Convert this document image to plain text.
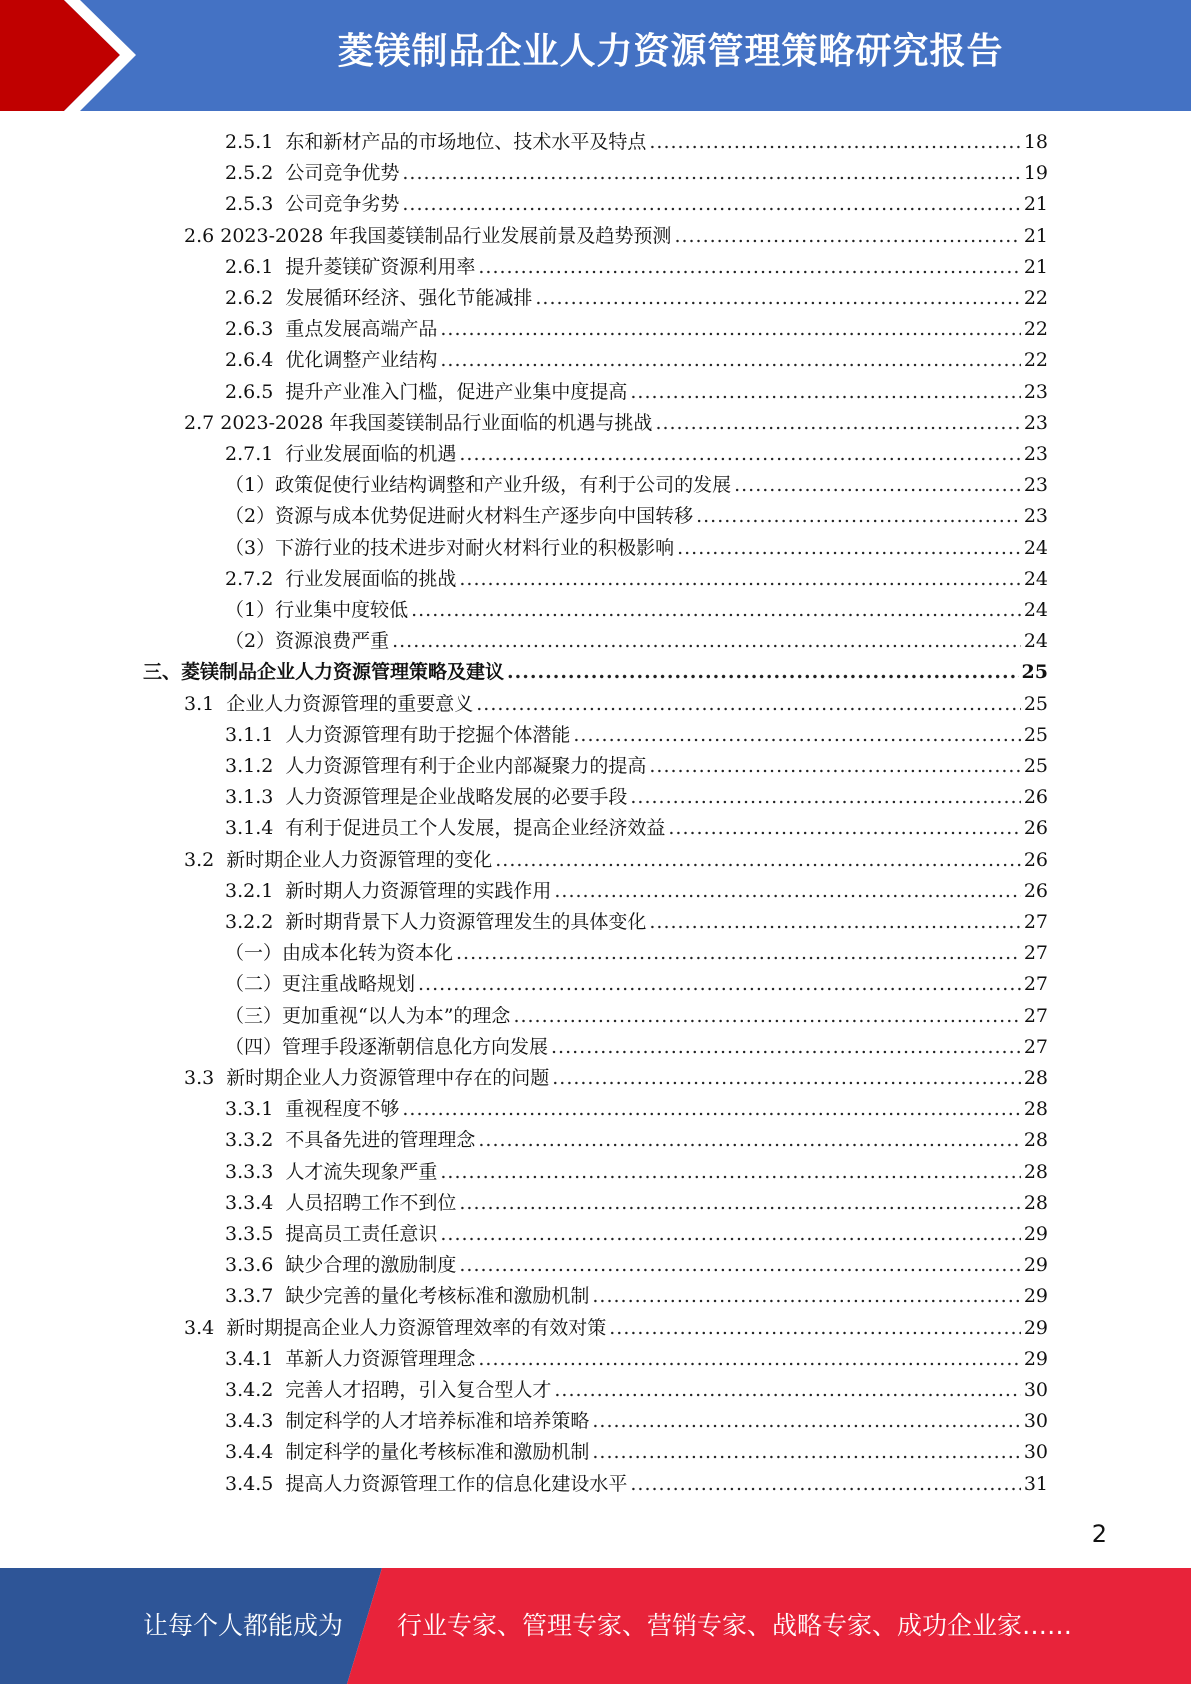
菱镁制品企业人力资源管理策略研究报告
2.5.1 东和新材产品的市场地位、技术水平及特点 .....	18
2.5.2 公司竞争优势 .....	19
2.5.3 公司竞争劣势 .....	21
2.6 2023-2028 年我国菱镁制品行业发展前景及趋势预测 .....	21
2.6.1 提升菱镁矿资源利用率 .....	21
2.6.2 发展循环经济、强化节能减排 .....	22
2.6.3 重点发展高端产品 .....	22
2.6.4 优化调整产业结构 .....	22
2.6.5 提升产业准入门槛，促进产业集中度提高 .....	23
2.7 2023-2028 年我国菱镁制品行业面临的机遇与挑战 .....	23
2.7.1 行业发展面临的机遇 .....	23
（1）政策促使行业结构调整和产业升级，有利于公司的发展 .....	23
（2）资源与成本优势促进耐火材料生产逐步向中国转移 .....	23
（3）下游行业的技术进步对耐火材料行业的积极影响 .....	24
2.7.2 行业发展面临的挑战 .....	24
（1）行业集中度较低 .....	24
（2）资源浪费严重 .....	24
三、菱镁制品企业人力资源管理策略及建议 .....	25
3.1 企业人力资源管理的重要意义 .....	25
3.1.1 人力资源管理有助于挖掘个体潜能 .....	25
3.1.2 人力资源管理有利于企业内部凝聚力的提高 .....	25
3.1.3 人力资源管理是企业战略发展的必要手段 .....	26
3.1.4 有利于促进员工个人发展，提高企业经济效益 .....	26
3.2 新时期企业人力资源管理的变化 .....	26
3.2.1 新时期人力资源管理的实践作用 .....	26
3.2.2 新时期背景下人力资源管理发生的具体变化 .....	27
（一）由成本化转为资本化 .....	27
（二）更注重战略规划 .....	27
（三）更加重视“以人为本”的理念 .....	27
（四）管理手段逐渐朝信息化方向发展 .....	27
3.3 新时期企业人力资源管理中存在的问题 .....	28
3.3.1 重视程度不够 .....	28
3.3.2 不具备先进的管理理念 .....	28
3.3.3 人才流失现象严重 .....	28
3.3.4 人员招聘工作不到位 .....	28
3.3.5 提高员工责任意识 .....	29
3.3.6 缺少合理的激励制度 .....	29
3.3.7 缺少完善的量化考核标准和激励机制 .....	29
3.4 新时期提高企业人力资源管理效率的有效对策 .....	29
3.4.1 革新人力资源管理理念 .....	29
3.4.2 完善人才招聘，引入复合型人才 .....	30
3.4.3 制定科学的人才培养标准和培养策略 .....	30
3.4.4 制定科学的量化考核标准和激励机制 .....	30
3.4.5 提高人力资源管理工作的信息化建设水平 .....	31
2
让每个人都能成为 行业专家、管理专家、营销专家、战略专家、成功企业家……
